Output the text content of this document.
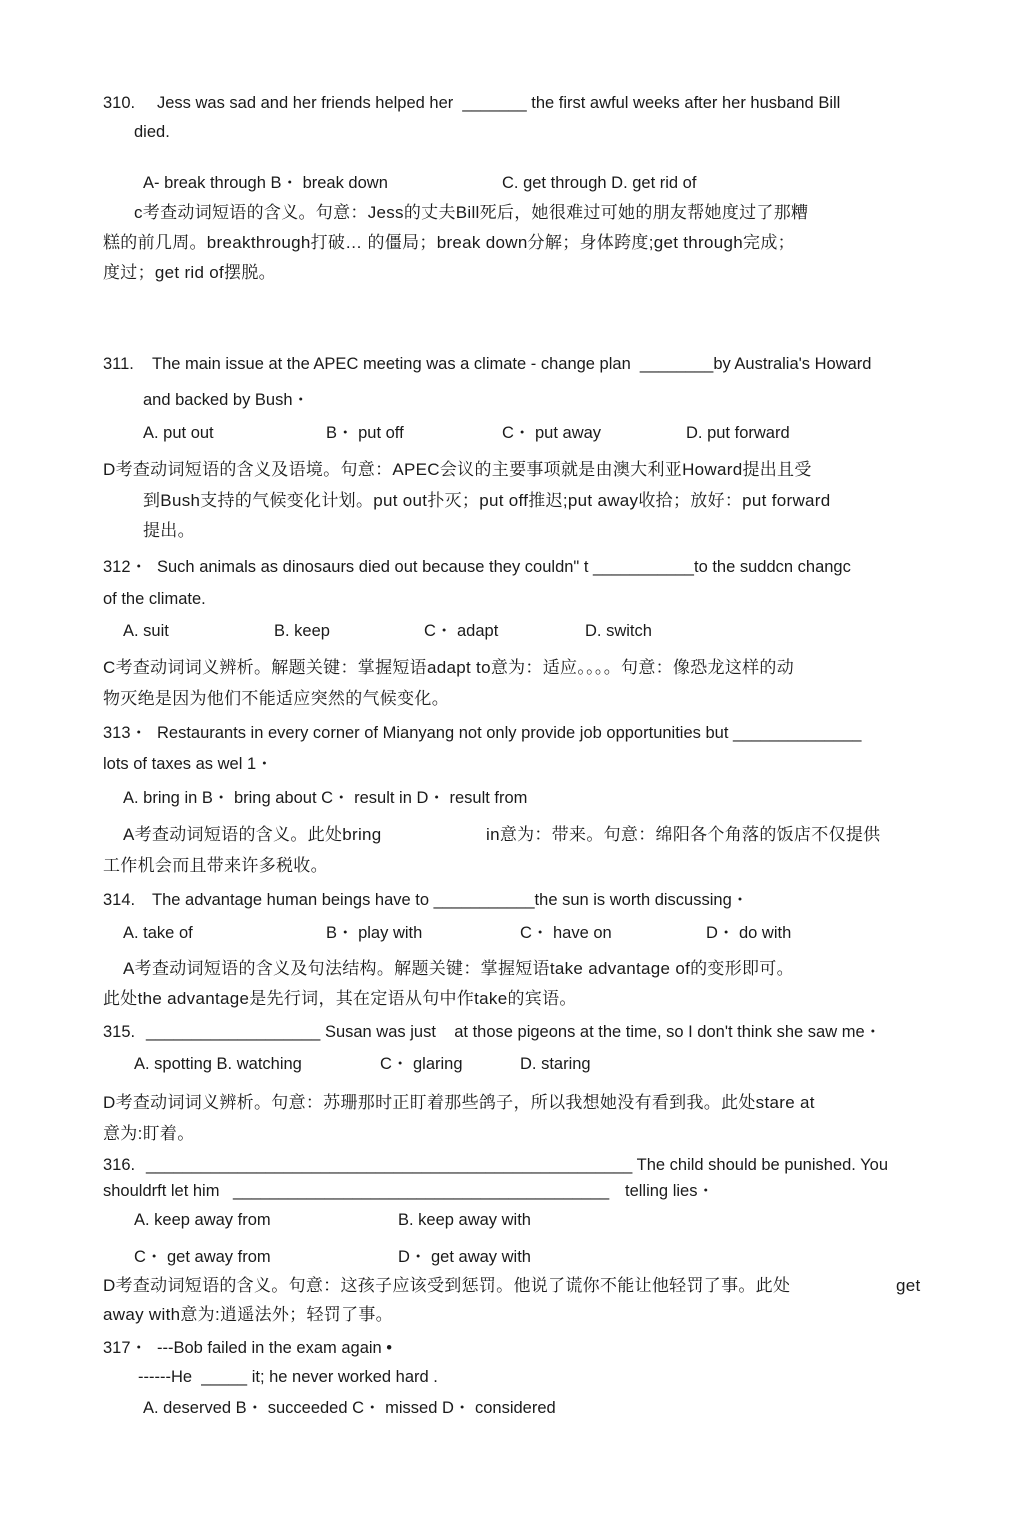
310. Jess was sad and her friends helped her  _______ the first awful weeks after her husband Bill
died.
A- break through B・ break down	C. get through D. get rid of
c考查动词短语的含义。句意：Jess的丈夫Bill死后，她很难过可她的朋友帮她度过了那糟
糕的前几周。breakthrough打破… 的僵局；break down分解；身体跨度;get through完成；
度过；get rid of摆脱。
311. The main issue at the APEC meeting was a climate - change plan  ________by Australia's Howard
and backed by Bush・
A. put out	B・ put off	C・ put away	D. put forward
D考查动词短语的含义及语境。句意：APEC会议的主要事项就是由澳大利亚Howard提出且受
到Bush支持的气候变化计划。put out扑灭；put off推迟;put away收拾；放好：put forward
提出。
312・ Such animals as dinosaurs died out because they couldn" t ___________to the suddcn changc
of the climate.
A. suit	B. keep	C・ adapt	D. switch
C考查动词词义辨析。解题关键：掌握短语adapt to意为：适应。。。。句意：像恐龙这样的动
物灭绝是因为他们不能适应突然的气候变化。
313・ Restaurants in every corner of Mianyang not only provide job opportunities but ______________
lots of taxes as wel 1・
A. bring in B・ bring about C・ result in D・ result from
A考查动词短语的含义。此处bring	in意为：带来。句意：绵阳各个角落的饭店不仅提供
工作机会而且带来许多税收。
314. The advantage human beings have to ___________the sun is worth discussing・
A. take of	B・ play with	C・ have on	D・ do with
A考查动词短语的含义及句法结构。解题关键：掌握短语take advantage of的变形即可。
此处the advantage是先行词，其在定语从句中作take的宾语。
315. ___________________ Susan was just    at those pigeons at the time, so I don't think she saw me・
A. spotting B. watching	C・ glaring	D. staring
D考查动词词义辨析。句意：苏珊那时正盯着那些鸽子，所以我想她没有看到我。此处stare at
意为:盯着。
316. _____________________________________________________ The child should be punished. You
shouldrft let him _________________________________________ telling lies・
A. keep away from	B. keep away with
C・ get away from	D・ get away with
D考查动词短语的含义。句意：这孩子应该受到惩罚。他说了谎你不能让他轻罚了事。此处	get
away with意为:逍遥法外；轻罚了事。
317・ ---Bob failed in the exam again •
------He  _____ it; he never worked hard .
A. deserved B・ succeeded C・ missed D・ considered
